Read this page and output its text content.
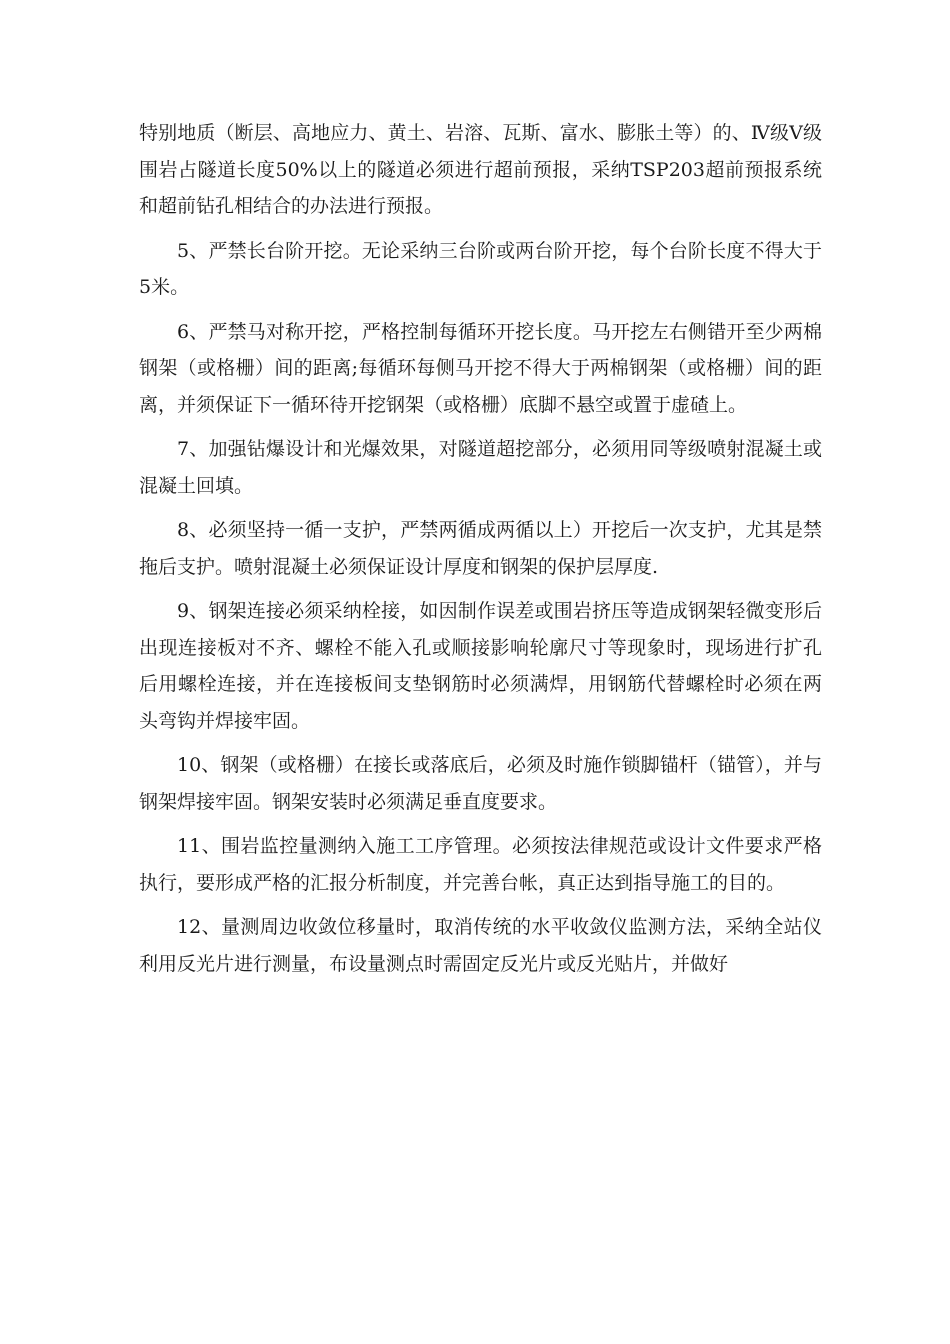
特别地质（断层、高地应力、黄土、岩溶、瓦斯、富水、膨胀土等）的、Ⅳ级Ⅴ级围岩占隧道长度50%以上的隧道必须进行超前预报，采纳TSP203超前预报系统和超前钻孔相结合的办法进行预报。

5、严禁长台阶开挖。无论采纳三台阶或两台阶开挖，每个台阶长度不得大于5米。

6、严禁马对称开挖，严格控制每循环开挖长度。马开挖左右侧错开至少两棉钢架（或格栅）间的距离;每循环每侧马开挖不得大于两棉钢架（或格栅）间的距离，并须保证下一循环待开挖钢架（或格栅）底脚不悬空或置于虚碴上。

7、加强钻爆设计和光爆效果，对隧道超挖部分，必须用同等级喷射混凝土或混凝土回填。

8、必须坚持一循一支护，严禁两循成两循以上）开挖后一次支护，尤其是禁拖后支护。喷射混凝土必须保证设计厚度和钢架的保护层厚度.

9、钢架连接必须采纳栓接，如因制作误差或围岩挤压等造成钢架轻微变形后出现连接板对不齐、螺栓不能入孔或顺接影响轮廓尺寸等现象时，现场进行扩孔后用螺栓连接，并在连接板间支垫钢筋时必须满焊，用钢筋代替螺栓时必须在两头弯钩并焊接牢固。

10、钢架（或格栅）在接长或落底后，必须及时施作锁脚锚杆（锚管），并与钢架焊接牢固。钢架安装时必须满足垂直度要求。

11、围岩监控量测纳入施工工序管理。必须按法律规范或设计文件要求严格执行，要形成严格的汇报分析制度，并完善台帐，真正达到指导施工的目的。

12、量测周边收敛位移量时，取消传统的水平收敛仪监测方法，采纳全站仪利用反光片进行测量，布设量测点时需固定反光片或反光贴片，并做好
